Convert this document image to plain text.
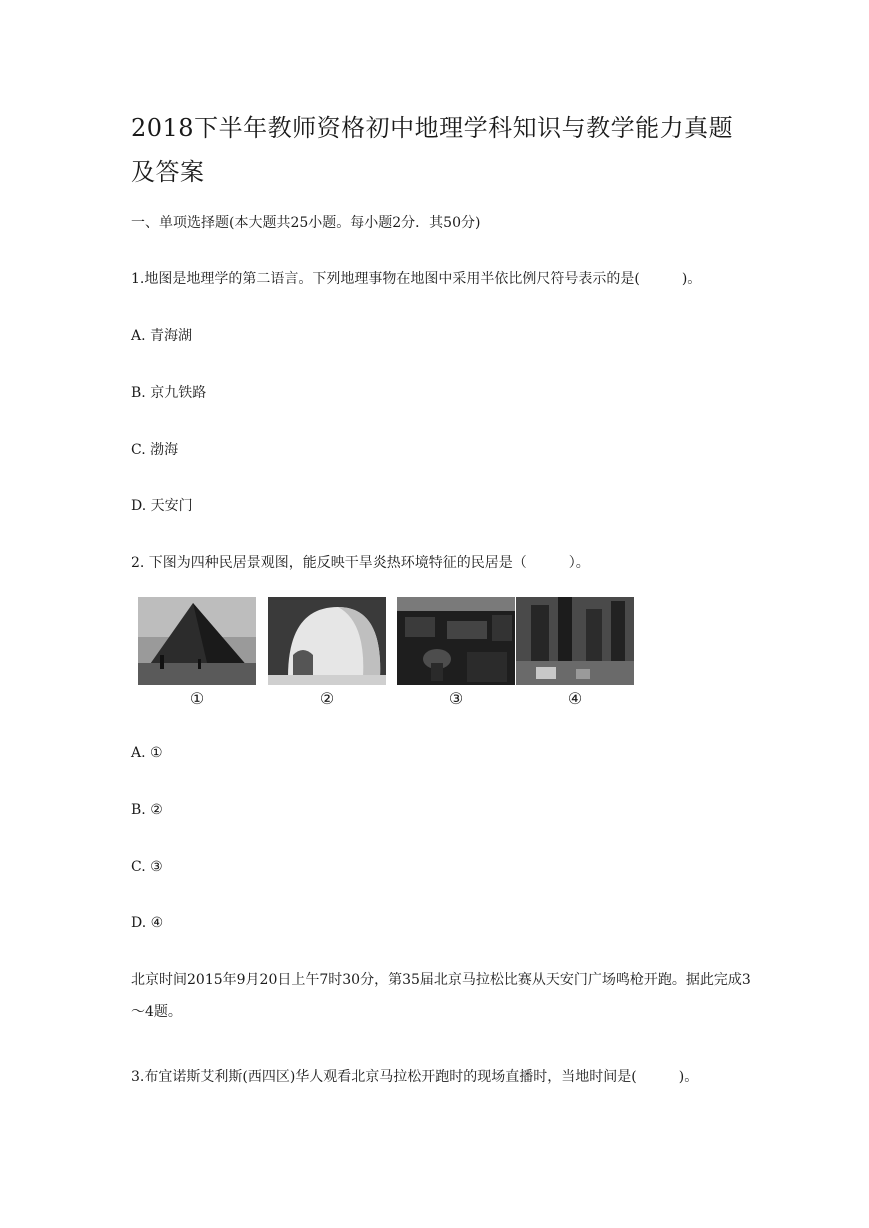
2018下半年教师资格初中地理学科知识与教学能力真题及答案

一、单项选择题(本大题共25小题。每小题2分．其50分)

1.地图是地理学的第二语言。下列地理事物在地图中采用半依比例尺符号表示的是(　　　)。

A. 青海湖

B. 京九铁路

C. 渤海

D. 天安门

2. 下图为四种民居景观图，能反映干旱炎热环境特征的民居是（　　　）。

①	②	③	④

A. ①

B. ②

C. ③

D. ④

北京时间2015年9月20日上午7时30分，第35届北京马拉松比赛从天安门广场鸣枪开跑。据此完成3～4题。

3.布宜诺斯艾利斯(西四区)华人观看北京马拉松开跑时的现场直播时，当地时间是(　　　)。
